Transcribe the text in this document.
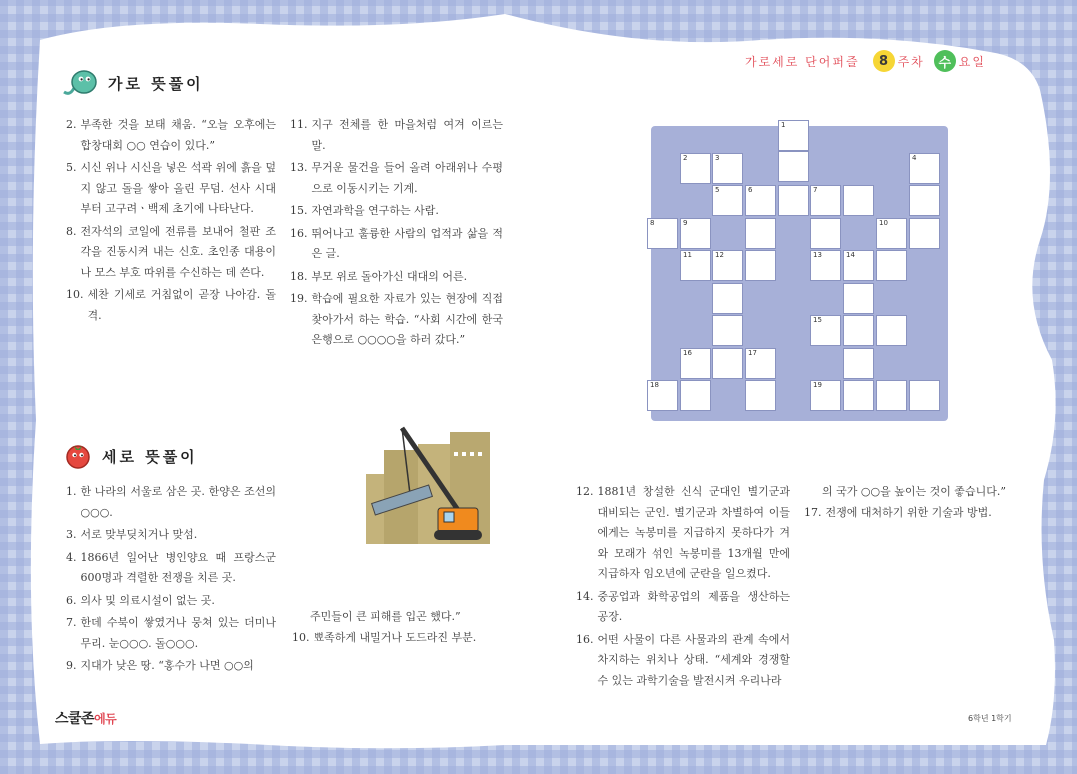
가로세로 단어퍼즐	8 주차	수 요일
가로 뜻풀이
2. 부족한 것을 보태 채움. “오늘 오후에는 합창대회 ○○ 연습이 있다.”
5. 시신 위나 시신을 넣은 석곽 위에 흙을 덮지 않고 돌을 쌓아 올린 무덤. 선사 시대부터 고구려ㆍ백제 초기에 나타난다.
8. 전자석의 코일에 전류를 보내어 철판 조각을 진동시켜 내는 신호. 초인종 대용이나 모스 부호 따위를 수신하는 데 쓴다.
10. 세찬 기세로 거침없이 곧장 나아감. 돌격.
11. 지구 전체를 한 마을처럼 여겨 이르는 말.
13. 무거운 물건을 들어 올려 아래위나 수평으로 이동시키는 기계.
15. 자연과학을 연구하는 사람.
16. 뛰어나고 훌륭한 사람의 업적과 삶을 적은 글.
18. 부모 위로 돌아가신 대대의 어른.
19. 학습에 필요한 자료가 있는 현장에 직접 찾아가서 하는 학습. “사회 시간에 한국은행으로 ○○○○을 하러 갔다.”
1
2	3	4
5	6	7
8	9	10
11	12	13	14
15
16	17
18	19
세로 뜻풀이
1. 한 나라의 서울로 삼은 곳. 한양은 조선의 ○○○.
3. 서로 맞부딪치거나 맞섬.
4. 1866년 일어난 병인양요 때 프랑스군 600명과 격렬한 전쟁을 치른 곳.
6. 의사 및 의료시설이 없는 곳.
7. 한데 수북이 쌓였거나 뭉쳐 있는 더미나 무리. 눈○○○. 돌○○○.
9. 지대가 낮은 땅. “홍수가 나면 ○○의
주민들이 큰 피해를 입곤 했다.”
10. 뾰족하게 내밀거나 도드라진 부분.
12. 1881년 창설한 신식 군대인 별기군과 대비되는 군인. 별기군과 차별하여 이들에게는 녹봉미를 지급하지 못하다가 겨와 모래가 섞인 녹봉미를 13개월 만에 지급하자 임오년에 군란을 일으켰다.
14. 중공업과 화학공업의 제품을 생산하는 공장.
16. 어떤 사물이 다른 사물과의 관계 속에서 차지하는 위치나 상태. “세계와 경쟁할 수 있는 과학기술을 발전시켜 우리나라
의 국가 ○○을 높이는 것이 좋습니다.”
17. 전쟁에 대처하기 위한 기술과 방법.
스쿨존 에듀	6학년 1학기
